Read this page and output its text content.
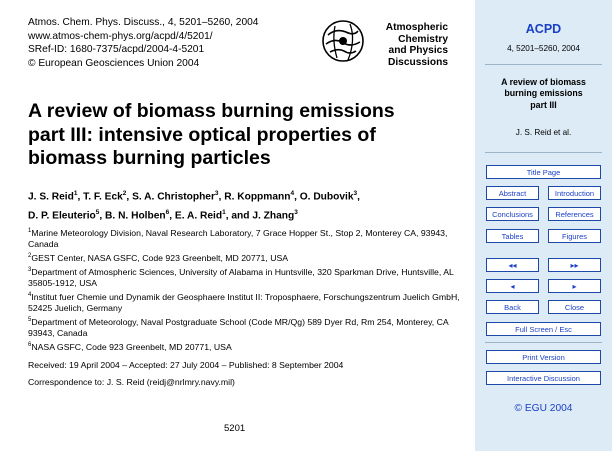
Atmos. Chem. Phys. Discuss., 4, 5201–5260, 2004
www.atmos-chem-phys.org/acpd/4/5201/
SRef-ID: 1680-7375/acpd/2004-4-5201
© European Geosciences Union 2004
Atmospheric
Chemistry
and Physics
Discussions
A review of biomass burning emissions
part III: intensive optical properties of
biomass burning particles
J. S. Reid$^1$, T. F. Eck$^2$, S. A. Christopher$^3$, R. Koppmann$^4$, O. Dubovik$^3$,
D. P. Eleuterio$^5$, B. N. Holben$^6$, E. A. Reid$^1$, and J. Zhang$^3$
$^1$Marine Meteorology Division, Naval Research Laboratory, 7 Grace Hopper St., Stop 2, Monterey CA, 93943, Canada
$^2$GEST Center, NASA GSFC, Code 923 Greenbelt, MD 20771, USA
$^3$Department of Atmospheric Sciences, University of Alabama in Huntsville, 320 Sparkman Drive, Huntsville, AL 35805-1912, USA
$^4$Institut fuer Chemie und Dynamik der Geosphaere Institut II: Troposphaere, Forschungszentrum Juelich GmbH, 52425 Juelich, Germany
$^5$Department of Meteorology, Naval Postgraduate School (Code MR/Qg) 589 Dyer Rd, Rm 254, Monterey, CA 93943, Canada
$^6$NASA GSFC, Code 923 Greenbelt, MD 20771, USA
Received: 19 April 2004 – Accepted: 27 July 2004 – Published: 8 September 2004
Correspondence to: J. S. Reid (reidj@nrlmry.navy.mil)
5201
ACPD
4, 5201–5260, 2004
A review of biomass
burning emissions
part III
J. S. Reid et al.
Title Page
Abstract	Introduction
Conclusions	References
Tables	Figures
◂◂	▸▸
◂	▸
Back	Close
Full Screen / Esc
Print Version
Interactive Discussion
© EGU 2004
